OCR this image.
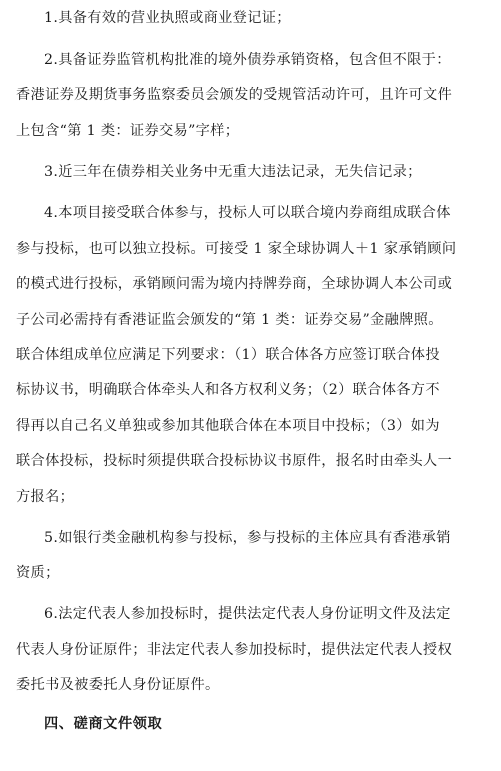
1.具备有效的营业执照或商业登记证；
2.具备证券监管机构批准的境外债券承销资格，包含但不限于：
香港证券及期货事务监察委员会颁发的受规管活动许可，且许可文件
上包含“第 1 类：证券交易”字样；
3.近三年在债券相关业务中无重大违法记录，无失信记录；
4.本项目接受联合体参与，投标人可以联合境内券商组成联合体
参与投标，也可以独立投标。可接受 1 家全球协调人＋1 家承销顾问
的模式进行投标，承销顾问需为境内持牌券商，全球协调人本公司或
子公司必需持有香港证监会颁发的“第 1 类：证券交易”金融牌照。
联合体组成单位应满足下列要求：（1）联合体各方应签订联合体投
标协议书，明确联合体牵头人和各方权利义务；（2）联合体各方不
得再以自己名义单独或参加其他联合体在本项目中投标；（3）如为
联合体投标，投标时须提供联合投标协议书原件，报名时由牵头人一
方报名；
5.如银行类金融机构参与投标，参与投标的主体应具有香港承销
资质；
6.法定代表人参加投标时，提供法定代表人身份证明文件及法定
代表人身份证原件；非法定代表人参加投标时，提供法定代表人授权
委托书及被委托人身份证原件。
四、磋商文件领取
